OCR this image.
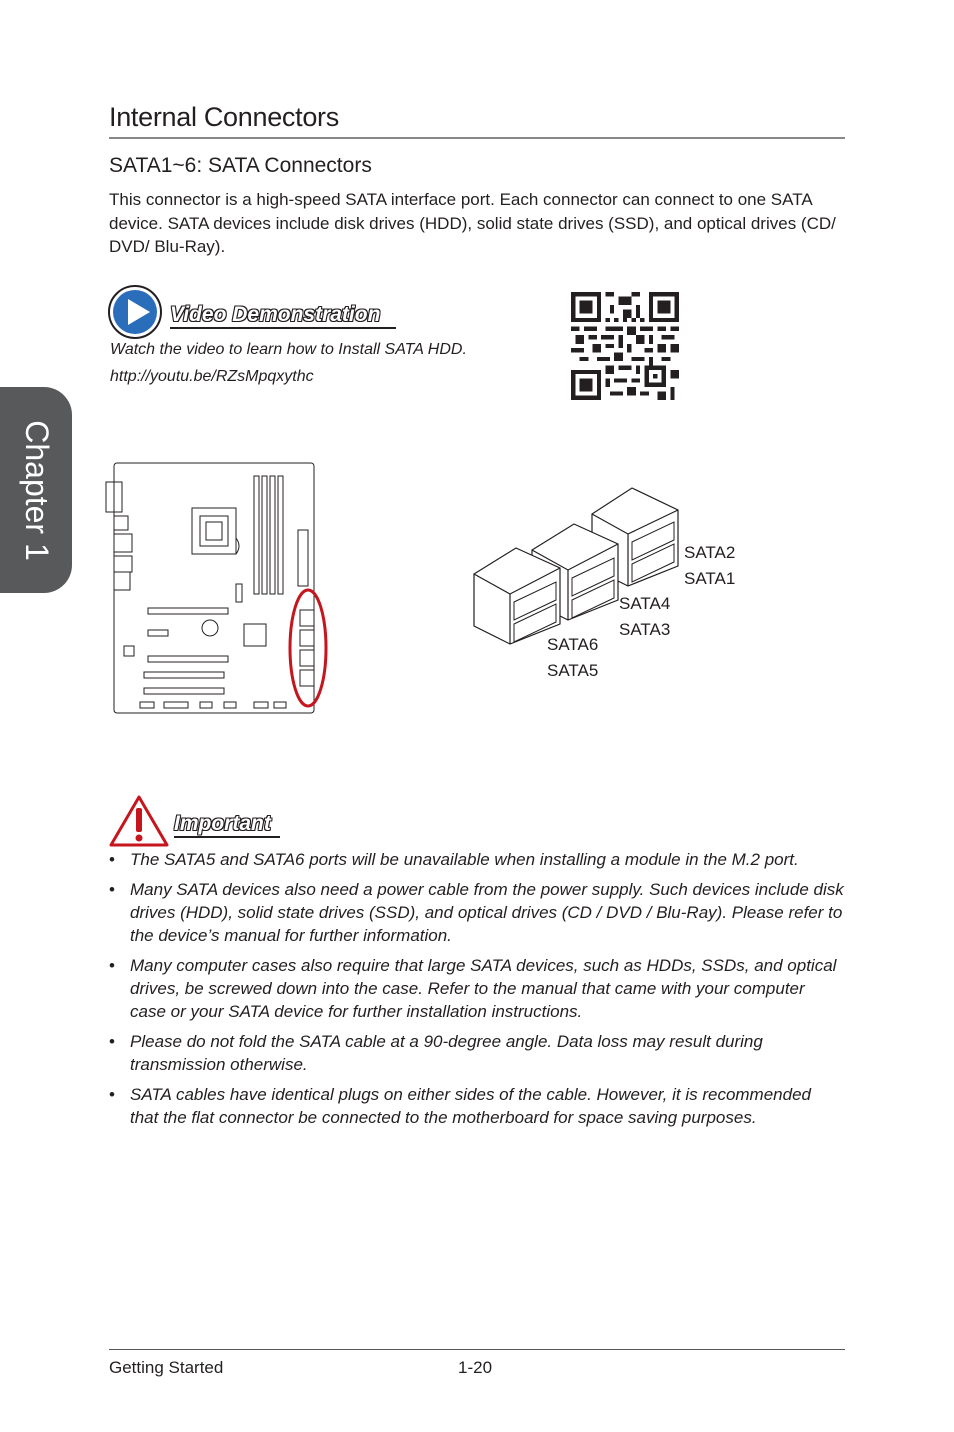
Chapter 1
Internal Connectors
SATA1~6: SATA Connectors
This connector is a high-speed SATA interface port. Each connector can connect to one SATA device. SATA devices include disk drives (HDD), solid state drives (SSD), and optical drives (CD/ DVD/ Blu-Ray).
Video Demonstration
Watch the video to learn how to Install SATA HDD.
http://youtu.be/RZsMpqxythc
SATA2
SATA1
SATA4
SATA3
SATA6
SATA5
Important
• The SATA5 and SATA6 ports will be unavailable when installing a module in the M.2 port.
• Many SATA devices also need a power cable from the power supply. Such devices include disk drives (HDD), solid state drives (SSD), and optical drives (CD / DVD / Blu-Ray). Please refer to the device’s manual for further information.
• Many computer cases also require that large SATA devices, such as HDDs, SSDs, and optical drives, be screwed down into the case. Refer to the manual that came with your computer case or your SATA device for further installation instructions.
• Please do not fold the SATA cable at a 90-degree angle. Data loss may result during transmission otherwise.
• SATA cables have identical plugs on either sides of the cable. However, it is recommended that the flat connector be connected to the motherboard for space saving purposes.
Getting Started	1-20
